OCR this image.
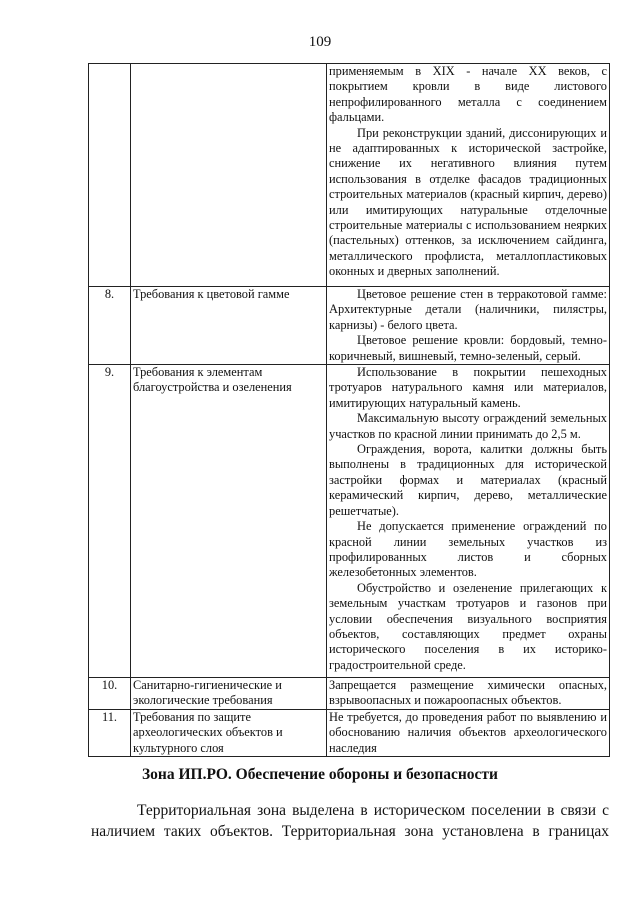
109

		применяемым в XIX - начале XX веков, с покрытием кровли в виде листового непрофилированного металла с соединением фальцами.

При реконструкции зданий, диссонирующих и не адаптированных к исторической застройке, снижение их негативного влияния путем использования в отделке фасадов традиционных строительных материалов (красный кирпич, дерево) или имитирующих натуральные отделочные строительные материалы с использованием неярких (пастельных) оттенков, за исключением сайдинга, металлического профлиста, металлопластиковых оконных и дверных заполнений.

8.	Требования к цветовой гамме	Цветовое решение стен в терракотовой гамме: Архитектурные детали (наличники, пилястры, карнизы) - белого цвета.

Цветовое решение кровли: бордовый, темно-коричневый, вишневый, темно-зеленый, серый.

9.	Требования к элементам благоустройства и озеленения	Использование в покрытии пешеходных тротуаров натурального камня или материалов, имитирующих натуральный камень.

Максимальную высоту ограждений земельных участков по красной линии принимать до 2,5 м.

Ограждения, ворота, калитки должны быть выполнены в традиционных для исторической застройки формах и материалах (красный керамический кирпич, дерево, металлические решетчатые).

Не допускается применение ограждений по красной линии земельных участков из профилированных листов и сборных железобетонных элементов.

Обустройство и озеленение прилегающих к земельным участкам тротуаров и газонов при условии обеспечения визуального восприятия объектов, составляющих предмет охраны исторического поселения в их историко-градостроительной среде.

10.	Санитарно-гигиенические и экологические требования	Запрещается размещение химически опасных, взрывоопасных и пожароопасных объектов.

11.	Требования по защите археологических объектов и культурного слоя	Не требуется, до проведения работ по выявлению и обоснованию наличия объектов археологического наследия

Зона ИП.РО. Обеспечение обороны и безопасности

Территориальная зона выделена в историческом поселении в связи с

наличием таких объектов. Территориальная зона установлена в границах
